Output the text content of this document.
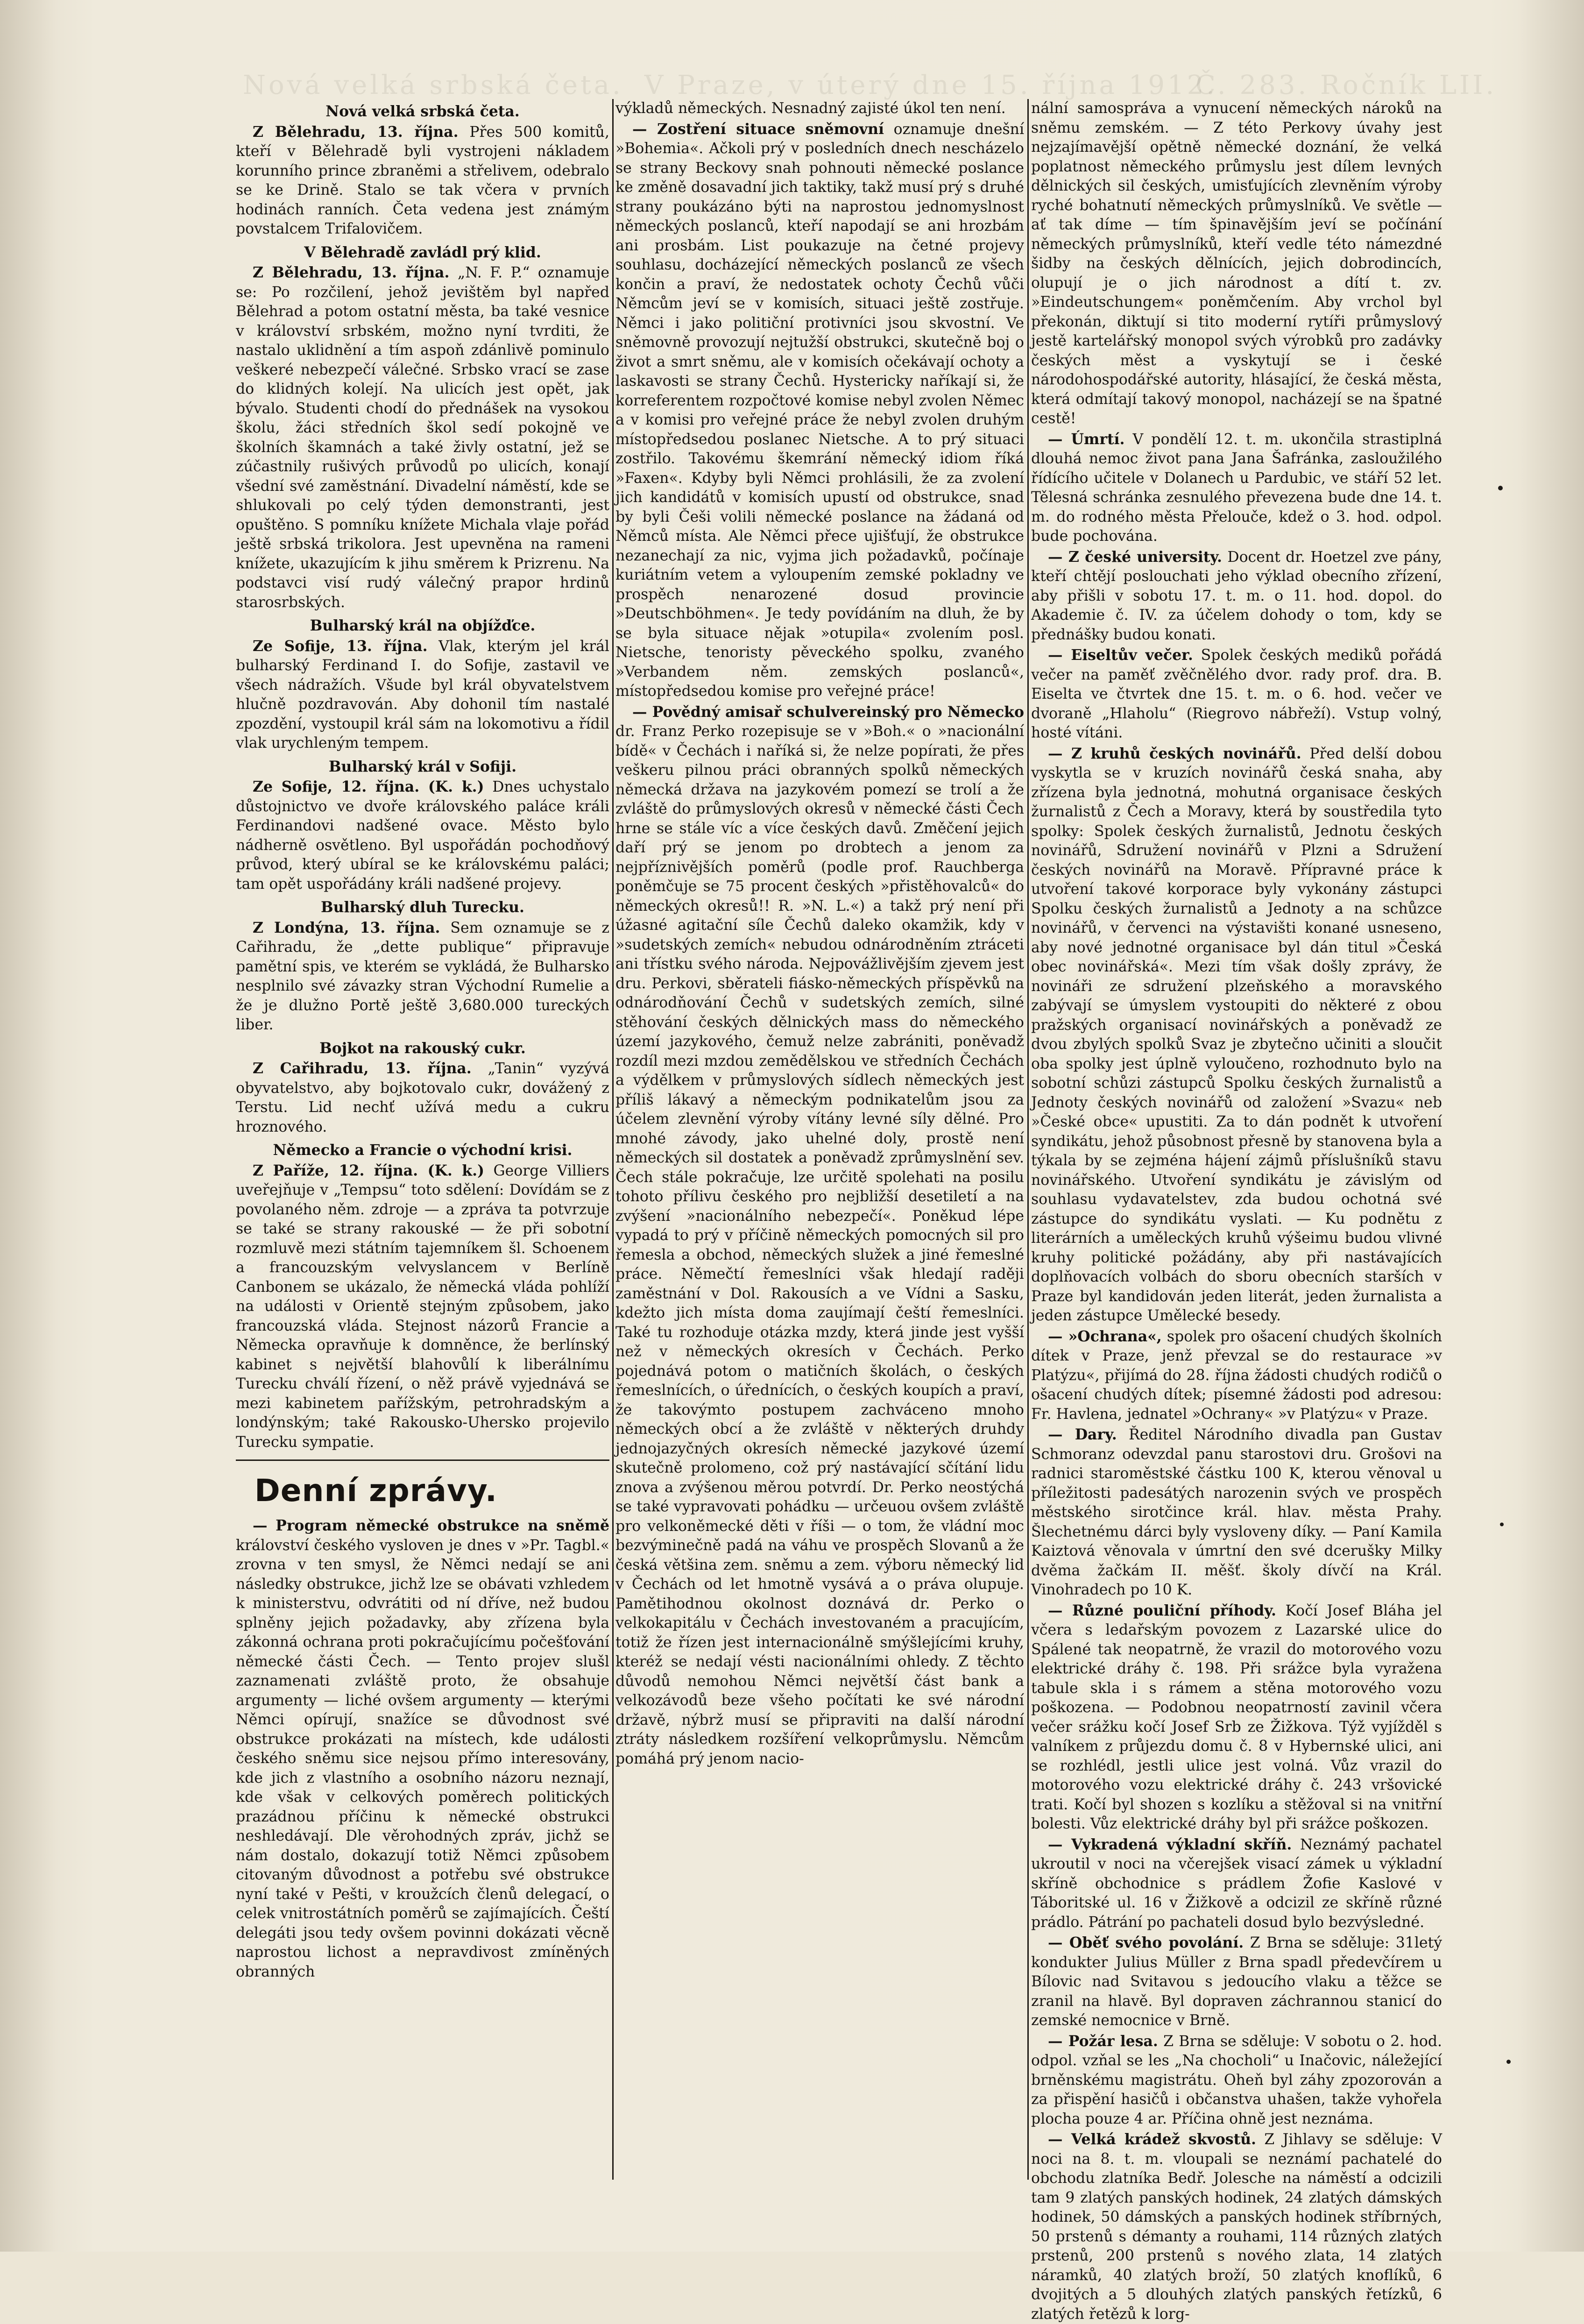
Nová velká srbská četa. V Praze, v úterý dne 15. října 1912.
Č. 283. Ročník LII.

Nová velká srbská četa.

Z Bělehradu, 13. října. Přes 500 komitů, kteří v Bělehradě byli vystrojeni nákladem korunního prince zbraněmi a střelivem, odebralo se ke Drině. Stalo se tak včera v prvních hodinách ranních. Četa vedena jest známým povstalcem Trifalovičem.

V Bělehradě zavládl prý klid.

Z Bělehradu, 13. října. „N. F. P.“ oznamuje se: Po rozčilení, jehož jevištěm byl napřed Bělehrad a potom ostatní města, ba také vesnice v království srbském, možno nyní tvrditi, že nastalo uklidnění a tím aspoň zdánlivě pominulo veškeré nebezpečí válečné. Srbsko vrací se zase do klidných kolejí. Na ulicích jest opět, jak bývalo. Studenti chodí do přednášek na vysokou školu, žáci středních škol sedí pokojně ve školních škamnách a také živly ostatní, jež se zúčastnily rušivých průvodů po ulicích, konají všední své zaměstnání. Divadelní náměstí, kde se shlukovali po celý týden demonstranti, jest opuštěno. S pomníku knížete Michala vlaje pořád ještě srbská trikolora. Jest upevněna na rameni knížete, ukazujícím k jihu směrem k Prizrenu. Na podstavci visí rudý válečný prapor hrdinů starosrbských.

Bulharský král na objížďce.

Ze Sofije, 13. října. Vlak, kterým jel král bulharský Ferdinand I. do Sofije, zastavil ve všech nádražích. Všude byl král obyvatelstvem hlučně pozdravován. Aby dohonil tím nastalé zpozdění, vystoupil král sám na lokomotivu a řídil vlak urychleným tempem.

Bulharský král v Sofiji.

Ze Sofije, 12. října. (K. k.) Dnes uchystalo důstojnictvo ve dvoře královského paláce králi Ferdinandovi nadšené ovace. Město bylo nádherně osvětleno. Byl uspořádán pochodňový průvod, který ubíral se ke královskému paláci; tam opět uspořádány králi nadšené projevy.

Bulharský dluh Turecku.

Z Londýna, 13. října. Sem oznamuje se z Cařihradu, že „dette publique“ připravuje pamětní spis, ve kterém se vykládá, že Bulharsko nesplnilo své závazky stran Východní Rumelie a že je dlužno Portě ještě 3,680.000 tureckých liber.

Bojkot na rakouský cukr.

Z Cařihradu, 13. října. „Tanin“ vyzývá obyvatelstvo, aby bojkotovalo cukr, dovážený z Terstu. Lid nechť užívá medu a cukru hroznového.

Německo a Francie o východní krisi.

Z Paříže, 12. října. (K. k.) George Villiers uveřejňuje v „Tempsu“ toto sdělení: Dovídám se z povolaného něm. zdroje — a zpráva ta potvrzuje se také se strany rakouské — že při sobotní rozmluvě mezi státním tajemníkem šl. Schoenem a francouzským velvyslancem v Berlíně Canbonem se ukázalo, že německá vláda pohlíží na události v Orientě stejným způsobem, jako francouzská vláda. Stejnost názorů Francie a Německa opravňuje k domněnce, že berlínský kabinet s největší blahovůlí k liberálnímu Turecku chválí řízení, o něž právě vyjednává se mezi kabinetem pařížským, petrohradským a londýnským; také Rakousko-Uhersko projevilo Turecku sympatie.

Denní zprávy.

— Program německé obstrukce na sněmě království českého vysloven je dnes v »Pr. Tagbl.« zrovna v ten smysl, že Němci nedají se ani následky obstrukce, jichž lze se obávati vzhledem k ministerstvu, odvrátiti od ní dříve, než budou splněny jejich požadavky, aby zřízena byla zákonná ochrana proti pokračujícímu počešťování německé části Čech. — Tento projev slušl zaznamenati zvláště proto, že obsahuje argumenty — liché ovšem argumenty — kterými Němci opírují, snažíce se důvodnost své obstrukce prokázati na místech, kde události českého sněmu sice nejsou přímo interesovány, kde jich z vlastního a osobního názoru neznají, kde však v celkových poměrech politických prazádnou příčinu k německé obstrukci neshledávají. Dle věrohodných zpráv, jichž se nám dostalo, dokazují totiž Němci způsobem citovaným důvodnost a potřebu své obstrukce nyní také v Pešti, v kroužcích členů delegací, o celek vnitrostátních poměrů se zajímajících. Čeští delegáti jsou tedy ovšem povinni dokázati věcně naprostou lichost a nepravdivost zmíněných obranných

výkladů německých. Nesnadný zajisté úkol ten není.

— Zostření situace sněmovní oznamuje dnešní »Bohemia«. Ačkoli prý v posledních dnech nescházelo se strany Beckovy snah pohnouti německé poslance ke změně dosavadní jich taktiky, takž musí prý s druhé strany poukázáno býti na naprostou jednomyslnost německých poslanců, kteří napodají se ani hrozbám ani prosbám. List poukazuje na četné projevy souhlasu, docházející německých poslanců ze všech končin a praví, že nedostatek ochoty Čechů vůči Němcům jeví se v komisích, situaci ještě zostřuje. Němci i jako političní protivníci jsou skvostní. Ve sněmovně provozují nejtužší obstrukci, skutečně boj o život a smrt sněmu, ale v komisích očekávají ochoty a laskavosti se strany Čechů. Hystericky naříkají si, že korreferentem rozpočtové komise nebyl zvolen Němec a v komisi pro veřejné práce že nebyl zvolen druhým místopředsedou poslanec Nietsche. A to prý situaci zostřilo. Takovému škemrání německý idiom říká »Faxen«. Kdyby byli Němci prohlásili, že za zvolení jich kandidátů v komisích upustí od obstrukce, snad by byli Češi volili německé poslance na žádaná od Němců místa. Ale Němci přece ujišťují, že obstrukce nezanechají za nic, vyjma jich požadavků, počínaje kuriátním vetem a vyloupením zemské pokladny ve prospěch nenarozené dosud provincie »Deutschböhmen«. Je tedy povídáním na dluh, že by se byla situace nějak »otupila« zvolením posl. Nietsche, tenoristy pěveckého spolku, zvaného »Verbandem něm. zemských poslanců«, místopředsedou komise pro veřejné práce!

— Povědný amisař schulvereinský pro Německo dr. Franz Perko rozepisuje se v »Boh.« o »nacionální bídě« v Čechách i naříká si, že nelze popírati, že přes veškeru pilnou práci obranných spolků německých německá državа na jazykovém pomezí se trolí a že zvláště do průmyslových okresů v německé části Čech hrne se stále víc a více českých davů. Změčení jejich daří prý se jenom po drobtech a jenom za nejpříznivějších poměrů (podle prof. Rauchberga poněmčuje se 75 procent českých »přistěhovalců« do německých okresů!! R. »N. L.«) a takž prý není při úžasné agitační síle Čechů daleko okamžik, kdy v »sudetských zemích« nebudou odnárodněním ztráceti ani třístku svého národa. Nejpovážlivějším zjevem jest dru. Perkovi, sběrateli fiásko-německých příspěvků na odnárodňování Čechů v sudetských zemích, silné stěhování českých dělnických mass do německého území jazykového, čemuž nelze zabrániti, poněvadž rozdíl mezi mzdou zemědělskou ve středních Čechách a výdělkem v průmyslových sídlech německých jest příliš lákavý a německým podnikatelům jsou za účelem zlevnění výroby vítány levné síly dělné. Pro mnohé závody, jako uhelné doly, prostě není německých sil dostatek a poněvadž zprůmyslnění sev. Čech stále pokračuje, lze určitě spolehati na posilu tohoto přílivu českého pro nejbližší desetiletí a na zvýšení »nacionálního nebezpečí«. Poněkud lépe vypadá to prý v příčině německých pomocných sil pro řemesla a obchod, německých služek a jiné řemeslné práce. Němečtí řemeslníci však hledají raději zaměstnání v Dol. Rakousích a ve Vídni a Sasku, kdežto jich místa doma zaujímají čeští řemeslníci. Také tu rozhoduje otázka mzdy, která jinde jest vyšší než v německých okresích v Čechách. Perko pojednává potom o matičních školách, o českých řemeslnících, o úřednících, o českých koupích a praví, že takovýmto postupem zachváceno mnoho německých obcí a že zvláště v některých druhdy jednojazyčných okresích německé jazykové území skutečně prolomeno, což prý nastávající sčítání lidu znova a zvýšenou měrou potvrdí. Dr. Perko neostýchá se také vypravovati pohádku — určeuou ovšem zvláště pro velkoněmecké děti v říši — o tom, že vládní moc bezvýminečně padá na váhu ve prospěch Slovanů a že česká většina zem. sněmu a zem. výboru německý lid v Čechách od let hmotně vysává a o práva olupuje. Pamětihodnou okolnost doznává dr. Perko o velkokapitálu v Čechách investovaném a pracujícím, totiž že řízen jest internacionálně smýšlejícími kruhy, kteréž se nedají vésti nacionálními ohledy. Z těchto důvodů nemohou Němci největší část bank a velkozávodů beze všeho počítati ke své národní državě, nýbrž musí se připraviti na další národní ztráty následkem rozšíření velkoprůmyslu. Němcům pomáhá prý jenom nacio-

nální samospráva a vynucení německých nároků na sněmu zemském. — Z této Perkovy úvahy jest nejzajímavější opětně německé doznání, že velká poplatnost německého průmyslu jest dílem levných dělnických sil českých, umisťujících zlevněním výroby ryché bohatnutí německých průmyslníků. Ve světle — ať tak díme — tím špinavějším jeví se počínání německých průmyslníků, kteří vedle této námezdné šidby na českých dělnících, jejich dobrodincích, olupují je o jich národnost a dítí t. zv. »Eindeutschungem« poněmčením. Aby vrchol byl překonán, diktují si tito moderní rytíři průmyslový jestě kartelářský monopol svých výrobků pro zadávky českých měst a vyskytují se i české národohospodářské autority, hlásající, že česká města, která odmítají takový monopol, nacházejí se na špatné cestě!

— Úmrtí. V pondělí 12. t. m. ukončila strastiplná dlouhá nemoc život pana Jana Šafránka, zasloužilého řídícího učitele v Dolanech u Pardubic, ve stáří 52 let. Tělesná schránka zesnulého převezena bude dne 14. t. m. do rodného města Přelouče, kdež o 3. hod. odpol. bude pochována.

— Z české university. Docent dr. Hoetzel zve pány, kteří chtějí poslouchati jeho výklad obecního zřízení, aby přišli v sobotu 17. t. m. o 11. hod. dopol. do Akademie č. IV. za účelem dohody o tom, kdy se přednášky budou konati.

— Eiseltův večer. Spolek českých mediků pořádá večer na paměť zvěčnělého dvor. rady prof. dra. B. Eiselta ve čtvrtek dne 15. t. m. o 6. hod. večer ve dvoraně „Hlaholu“ (Riegrovo nábřeží). Vstup volný, hosté vítáni.

— Z kruhů českých novinářů. Před delší dobou vyskytla se v kruzích novinářů česká snaha, aby zřízena byla jednotná, mohutná organisace českých žurnalistů z Čech a Moravy, která by soustředila tyto spolky: Spolek českých žurnalistů, Jednotu českých novinářů, Sdružení novinářů v Plzni a Sdružení českých novinářů na Moravě. Přípravné práce k utvoření takové korporace byly vykonány zástupci Spolku českých žurnalistů a Jednoty a na schůzce novinářů, v červenci na výstavišti konané usneseno, aby nové jednotné organisace byl dán titul »Česká obec novinářská«. Mezi tím však došly zprávy, že novináři ze sdružení plzeňského a moravského zabývají se úmyslem vystoupiti do některé z obou pražských organisací novinářských a poněvadž ze dvou zbylých spolků Svaz je zbytečno učiniti a sloučit oba spolky jest úplně vyloučeno, rozhodnuto bylo na sobotní schůzi zástupců Spolku českých žurnalistů a Jednoty českých novinářů od založení »Svazu« neb »České obce« upustiti. Za to dán podnět k utvoření syndikátu, jehož působnost přesně by stanovena byla a týkala by se zejména hájení zájmů příslušníků stavu novinářského. Utvoření syndikátu je závislým od souhlasu vydavatelstev, zda budou ochotná své zástupce do syndikátu vyslati. — Ku podnětu z literárních a uměleckých kruhů výšeimu budou vlivné kruhy politické požádány, aby při nastávajících doplňovacích volbách do sboru obecních starších v Praze byl kandidován jeden literát, jeden žurnalista a jeden zástupce Umělecké besedy.

— »Ochrana«, spolek pro ošacení chudých školních dítek v Praze, jenž převzal se do restaurace »v Platýzu«, přijímá do 28. října žádosti chudých rodičů o ošacení chudých dítek; písemné žádosti pod adresou: Fr. Havlena, jednatel »Ochrany« »v Platýzu« v Praze.

— Dary. Ředitel Národního divadla pan Gustav Schmoranz odevzdal panu starostovi dru. Grošovi na radnici staroměstské částku 100 K, kterou věnoval u příležitosti padesátých narozenin svých ve prospěch městského sirotčince král. hlav. města Prahy. Šlechetnému dárci byly vysloveny díky. — Paní Kamila Kaiztová věnovala v úmrtní den své dcerušky Milky dvěma žačkám II. měšť. školy dívčí na Král. Vinohradech po 10 K.

— Různé pouliční příhody. Kočí Josef Bláha jel včera s ledařským povozem z Lazarské ulice do Spálené tak neopatrně, že vrazil do motorového vozu elektrické dráhy č. 198. Při srážce byla vyražena tabule skla i s rámem a stěna motorového vozu poškozena. — Podobnou neopatrností zavinil včera večer srážku kočí Josef Srb ze Žižkova. Týž vyjížděl s valníkem z průjezdu domu č. 8 v Hybernské ulici, ani se rozhlédl, jestli ulice jest volná. Vůz vrazil do motorového vozu elektrické dráhy č. 243 vršovické trati. Kočí byl shozen s kozlíku a stěžoval si na vnitřní bolesti. Vůz elektrické dráhy byl při srážce poškozen.

— Vykradená výkladní skříň. Neznámý pachatel ukroutil v noci na včerejšek visací zámek u výkladní skříně obchodnice s prádlem Žofie Kaslové v Táboritské ul. 16 v Žižkově a odcizil ze skříně různé prádlo. Pátrání po pachateli dosud bylo bezvýsledné.

— Oběť svého povolání. Z Brna se sděluje: 31letý kondukter Julius Müller z Brna spadl předevčírem u Bílovic nad Svitavou s jedoucího vlaku a těžce se zranil na hlavě. Byl dopraven záchrannou stanicí do zemské nemocnice v Brně.

— Požár lesa. Z Brna se sděluje: V sobotu o 2. hod. odpol. vzňal se les „Na chocholi“ u Inačovic, náležející brněnskému magistrátu. Oheň byl záhy zpozorován a za přispění hasičů i občanstva uhašen, takže vyhořela plocha pouze 4 ar. Příčina ohně jest neznáma.

— Velká krádež skvostů. Z Jihlavy se sděluje: V noci na 8. t. m. vloupali se neznámí pachatelé do obchodu zlatníka Bedř. Jolesche na náměstí a odcizili tam 9 zlatých panských hodinek, 24 zlatých dámských hodinek, 50 dámských a panských hodinek stříbrných, 50 prstenů s démanty a rouhami, 114 různých zlatých prstenů, 200 prstenů s novéhо zlata, 14 zlatých náramků, 40 zlatých broží, 50 zlatých knoflíků, 6 dvojitých a 5 dlouhých zlatých panských řetízků, 6 zlatých řetězů k lorg-
